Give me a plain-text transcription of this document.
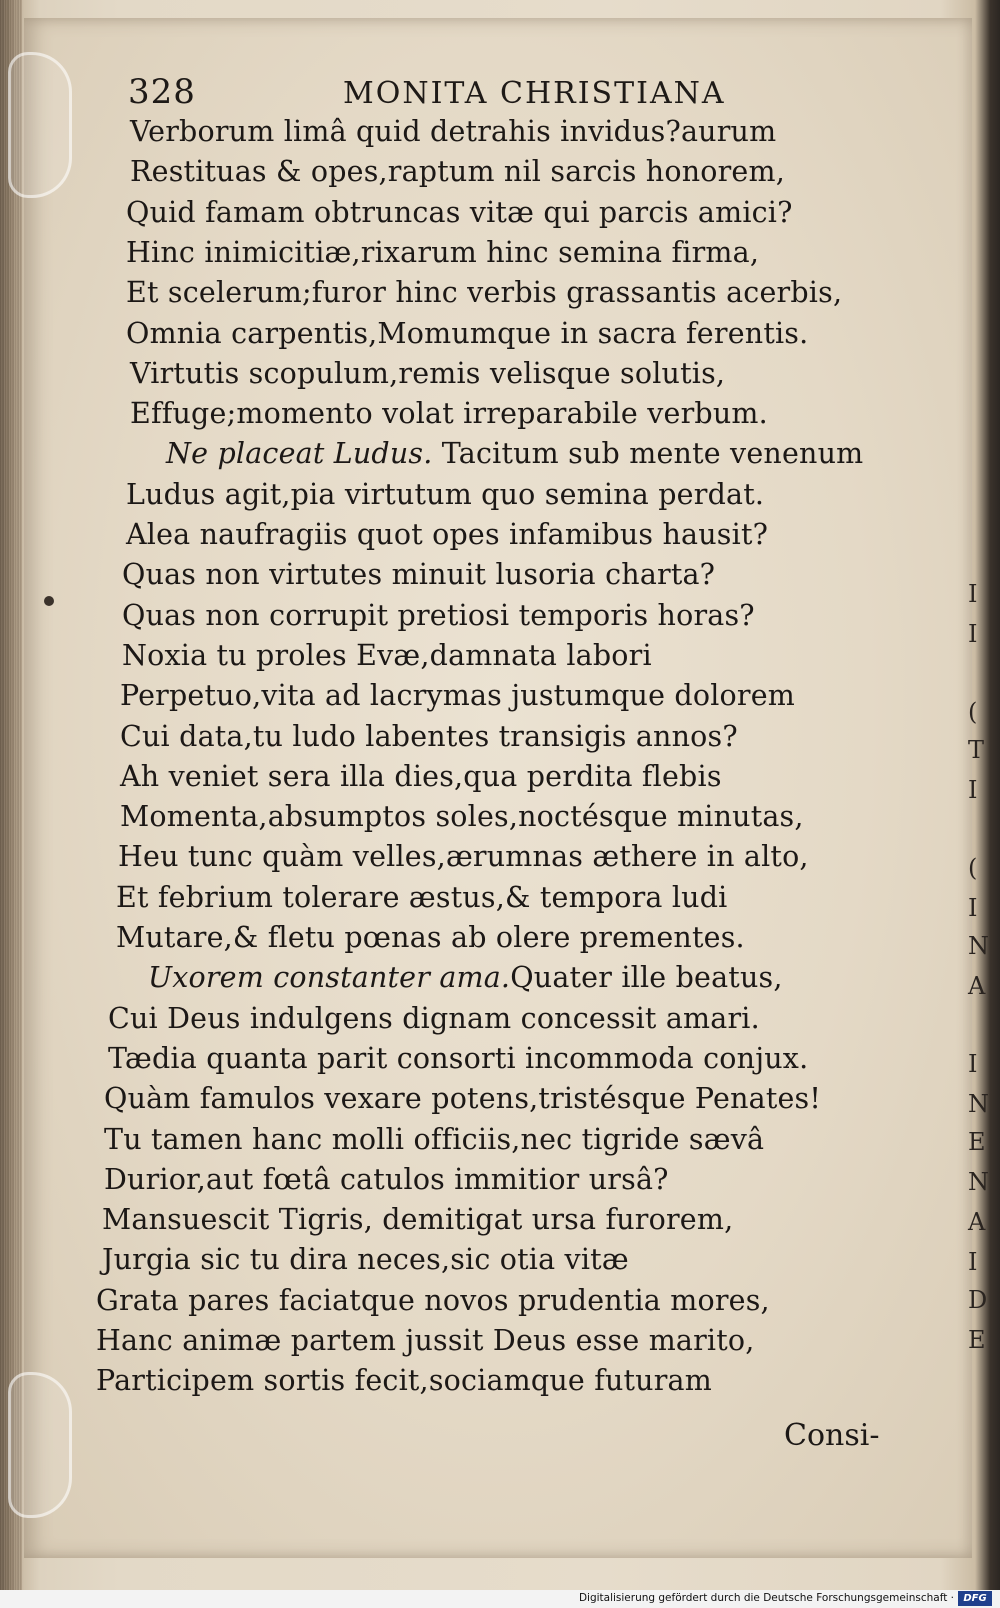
328	MONITA CHRISTIANA
Verborum limâ quid detrahis invidus?aurum
Restituas & opes,raptum nil sarcis honorem,
Quid famam obtruncas vitæ qui parcis amici?
Hinc inimicitiæ,rixarum hinc semina firma,
Et scelerum;furor hinc verbis grassantis acerbis,
Omnia carpentis,Momumque in sacra ferentis.
Virtutis scopulum,remis velisque solutis,
Effuge;momento volat irreparabile verbum.
Ne placeat Ludus. Tacitum sub mente venenum
Ludus agit,pia virtutum quo semina perdat.
Alea naufragiis quot opes infamibus hausit?
Quas non virtutes minuit lusoria charta?
Quas non corrupit pretiosi temporis horas?
Noxia tu proles Evæ,damnata labori
Perpetuo,vita ad lacrymas justumque dolorem
Cui data,tu ludo labentes transigis annos?
Ah veniet sera illa dies,qua perdita flebis
Momenta,absumptos soles,noctésque minutas,
Heu tunc quàm velles,ærumnas æthere in alto,
Et febrium tolerare æstus,& tempora ludi
Mutare,& fletu pœnas ab olere prementes.
Uxorem constanter ama.Quater ille beatus,
Cui Deus indulgens dignam concessit amari.
Tædia quanta parit consorti incommoda conjux.
Quàm famulos vexare potens,tristésque Penates!
Tu tamen hanc molli officiis,nec tigride sævâ
Durior,aut fœtâ catulos immitior ursâ?
Mansuescit Tigris, demitigat ursa furorem,
Jurgia sic tu dira neces,sic otia vitæ
Grata pares faciatque novos prudentia mores,
Hanc animæ partem jussit Deus esse marito,
Participem sortis fecit,sociamque futuram
I
I
(
T
I
(
I
N
A
I
N
E
N
A
I
D
E
Consi-
Digitalisierung gefördert durch die Deutsche Forschungsgemeinschaft · DFG
